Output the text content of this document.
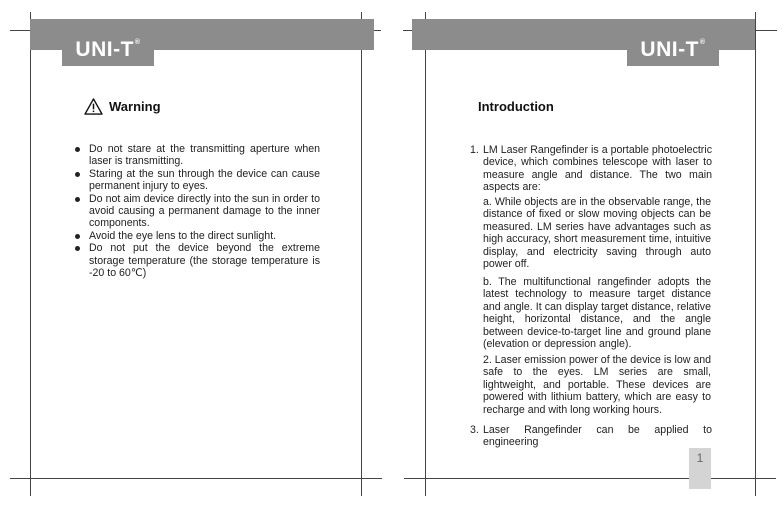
UNI-T®
Warning
Do not stare at the transmitting aperture when laser is transmitting.
Staring at the sun through the device can cause permanent injury to eyes.
Do not aim device directly into the sun in order to avoid causing a permanent damage to the inner components.
Avoid the eye lens to the direct sunlight.
Do not put the device beyond the extreme storage temperature (the storage temperature is -20 to 60℃)
UNI-T®
Introduction
1. LM Laser Rangefinder is a portable photoelectric device, which combines telescope with laser to measure angle and distance. The two main aspects are:
a. While objects are in the observable range, the distance of fixed or slow moving objects can be measured. LM series have advantages such as high accuracy, short measurement time, intuitive display, and electricity saving through auto power off.
b. The multifunctional rangefinder adopts the latest technology to measure target distance and angle. It can display target distance, relative height, horizontal distance, and the angle between device-to-target line and ground plane (elevation or depression angle).
2. Laser emission power of the device is low and safe to the eyes. LM series are small, lightweight, and portable. These devices are powered with lithium battery, which are easy to recharge and with long working hours.
3. Laser Rangefinder can be applied to engineering
1
